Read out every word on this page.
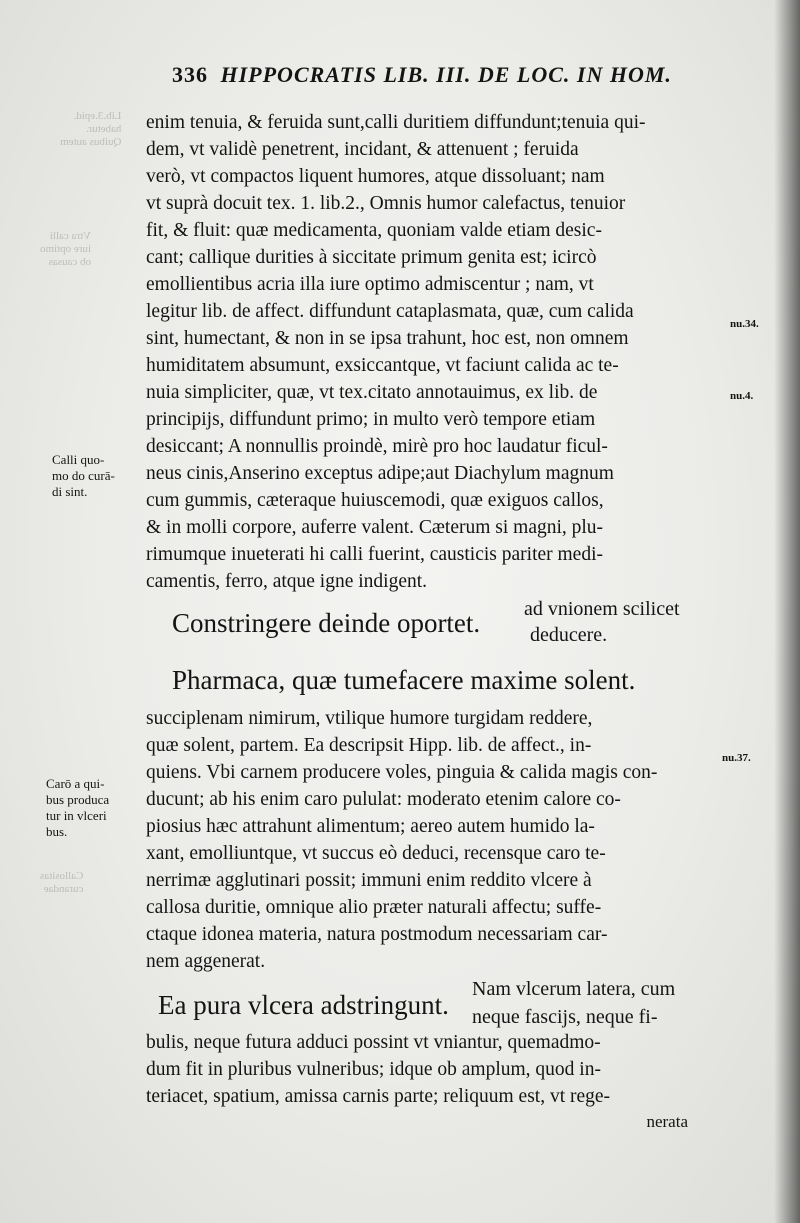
Lib.3.epid.
habetur.
Quibus autem
Vtra calli
iure optimo
ob causas
Callositas
curandae
336 HIPPOCRATIS LIB. III. DE LOC. IN HOM.
enim tenuia, & feruida sunt,calli duritiem diffundunt;tenuia qui-
dem, vt validè penetrent, incidant, & attenuent ; feruida
verò, vt compactos liquent humores, atque dissoluant; nam
vt suprà docuit tex. 1. lib.2., Omnis humor calefactus, tenuior
fit, & fluit: quæ medicamenta, quoniam valde etiam desic-
cant; callique durities à siccitate primum genita est; icircò
emollientibus acria illa iure optimo admiscentur ; nam, vt
legitur lib. de affect. diffundunt cataplasmata, quæ, cum calida
sint, humectant, & non in se ipsa trahunt, hoc est, non omnem
humiditatem absumunt, exsiccantque, vt faciunt calida ac te-
nuia simpliciter, quæ, vt tex.citato annotauimus, ex lib. de
principijs, diffundunt primo; in multo verò tempore etiam
desiccant; A nonnullis proindè, mirè pro hoc laudatur ficul-
neus cinis,Anserino exceptus adipe;aut Diachylum magnum
cum gummis, cæteraque huiuscemodi, quæ exiguos callos,
& in molli corpore, auferre valent. Cæterum si magni, plu-
rimumque inueterati hi calli fuerint, causticis pariter medi-
camentis, ferro, atque igne indigent.
Constringere deinde oportet. ad vnionem scilicet
deducere.
Pharmaca, quæ tumefacere maxime solent.
succiplenam nimirum, vtilique humore turgidam reddere,
quæ solent, partem. Ea descripsit Hipp. lib. de affect., in-
quiens. Vbi carnem producere voles, pinguia & calida magis con-
ducunt; ab his enim caro pululat: moderato etenim calore co-
piosius hæc attrahunt alimentum; aereo autem humido la-
xant, emolliuntque, vt succus eò deduci, recensque caro te-
nerrimæ agglutinari possit; immuni enim reddito vlcere à
callosa duritie, omnique alio præter naturali affectu; suffe-
ctaque idonea materia, natura postmodum necessariam car-
nem aggenerat.
Ea pura vlcera adstringunt.
Nam vlcerum latera, cum
neque fascijs, neque fi-
bulis, neque futura adduci possint vt vniantur, quemadmo-
dum fit in pluribus vulneribus; idque ob amplum, quod in-
teriacet, spatium, amissa carnis parte; reliquum est, vt rege-
nerata
Calli quo-
mo do curā-
di sint.
Carō a qui-
bus produca
tur in vlceri
bus.
nu.34.
nu.4.
nu.37.
